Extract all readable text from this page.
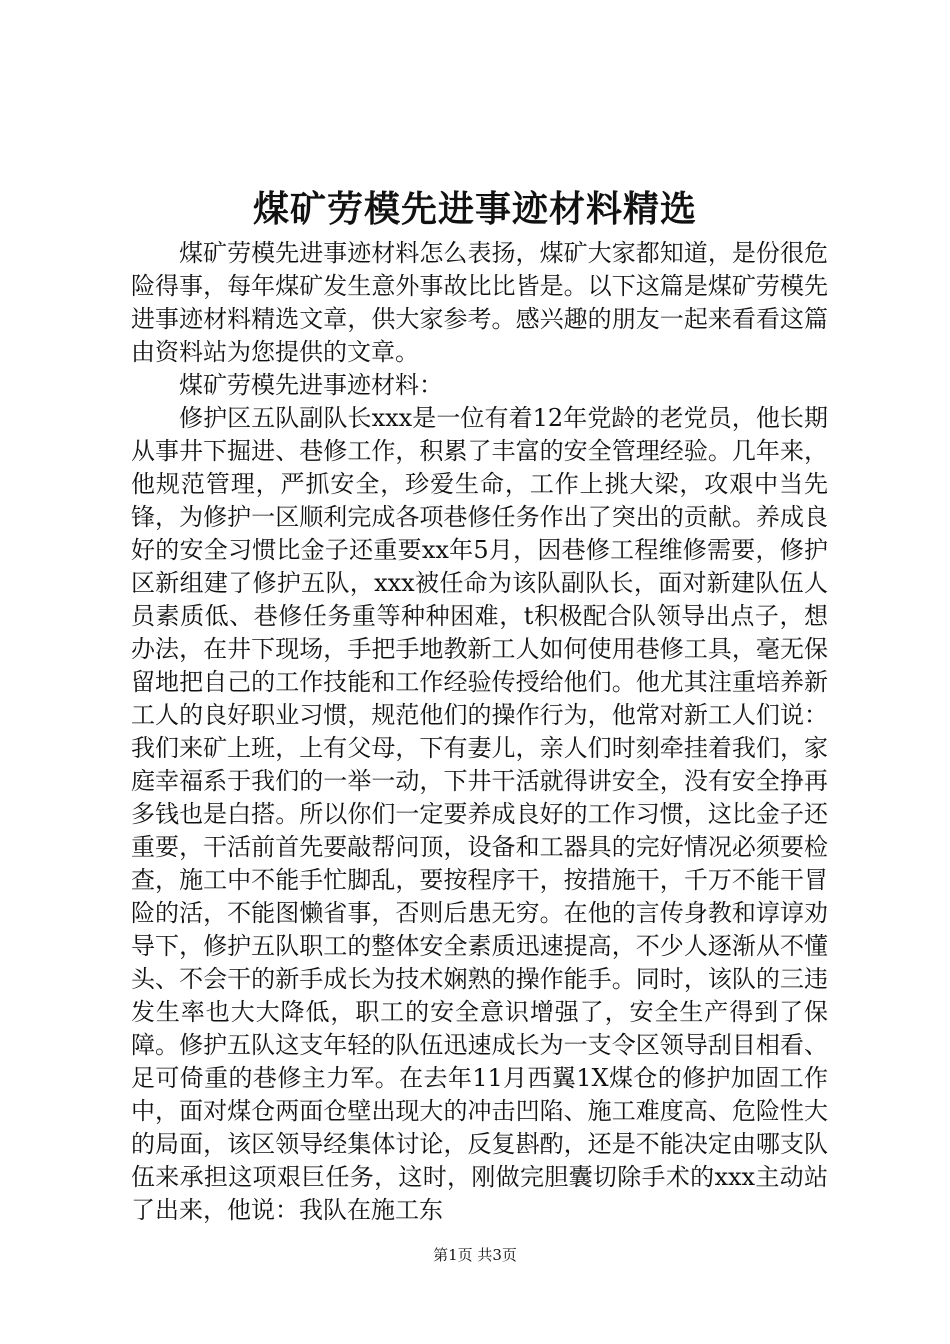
煤矿劳模先进事迹材料精选

煤矿劳模先进事迹材料怎么表扬，煤矿大家都知道，是份很危险得事，每年煤矿发生意外事故比比皆是。以下这篇是煤矿劳模先进事迹材料精选文章，供大家参考。感兴趣的朋友一起来看看这篇由资料站为您提供的文章。

煤矿劳模先进事迹材料：

修护区五队副队长xxx是一位有着12年党龄的老党员，他长期从事井下掘进、巷修工作，积累了丰富的安全管理经验。几年来，他规范管理，严抓安全，珍爱生命，工作上挑大梁，攻艰中当先锋，为修护一区顺利完成各项巷修任务作出了突出的贡献。养成良好的安全习惯比金子还重要xx年5月，因巷修工程维修需要，修护区新组建了修护五队，xxx被任命为该队副队长，面对新建队伍人员素质低、巷修任务重等种种困难，t积极配合队领导出点子，想办法，在井下现场，手把手地教新工人如何使用巷修工具，毫无保留地把自己的工作技能和工作经验传授给他们。他尤其注重培养新工人的良好职业习惯，规范他们的操作行为，他常对新工人们说：我们来矿上班，上有父母，下有妻儿，亲人们时刻牵挂着我们，家庭幸福系于我们的一举一动，下井干活就得讲安全，没有安全挣再多钱也是白搭。所以你们一定要养成良好的工作习惯，这比金子还重要，干活前首先要敲帮问顶，设备和工器具的完好情况必须要检查，施工中不能手忙脚乱，要按程序干，按措施干，千万不能干冒险的活，不能图懒省事，否则后患无穷。在他的言传身教和谆谆劝导下，修护五队职工的整体安全素质迅速提高，不少人逐渐从不懂头、不会干的新手成长为技术娴熟的操作能手。同时，该队的三违发生率也大大降低，职工的安全意识增强了，安全生产得到了保障。修护五队这支年轻的队伍迅速成长为一支令区领导刮目相看、足可倚重的巷修主力军。在去年11月西翼1X煤仓的修护加固工作中，面对煤仓两面仓壁出现大的冲击凹陷、施工难度高、危险性大的局面，该区领导经集体讨论，反复斟酌，还是不能决定由哪支队伍来承担这项艰巨任务，这时，刚做完胆囊切除手术的xxx主动站了出来，他说：我队在施工东

第1页 共3页
